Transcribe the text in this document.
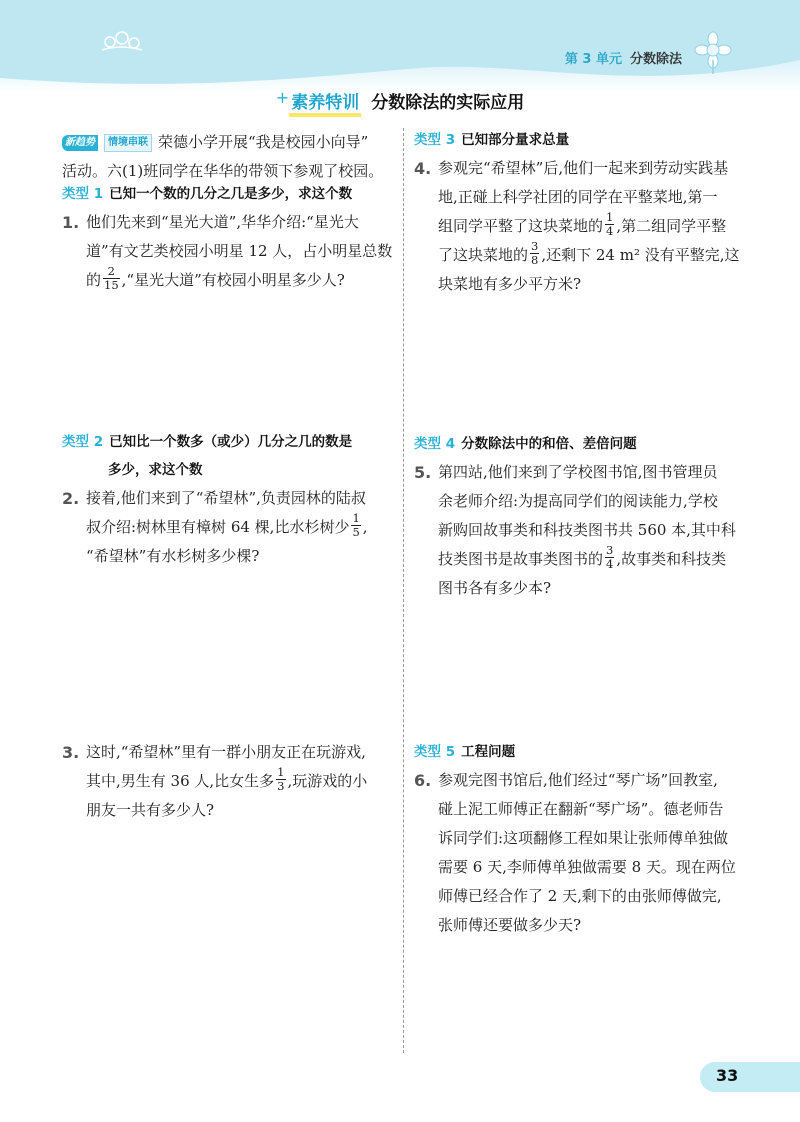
第 3 单元 分数除法
+ 素养特训 分数除法的实际应用
新趋势 情境串联 荣德小学开展“我是校园小向导”
活动。六(1)班同学在华华的带领下参观了校园。
类型 1 已知一个数的几分之几是多少，求这个数
1. 他们先来到“星光大道”,华华介绍:“星光大
道”有文艺类校园小明星 12 人，占小明星总数
的 $\frac{2}{15}$ ,“星光大道”有校园小明星多少人?
类型 2 已知比一个数多（或少）几分之几的数是
多少，求这个数
2. 接着,他们来到了“希望林”,负责园林的陆叔
叔介绍:树林里有樟树 64 棵,比水杉树少 $\frac{1}{5}$ ,
“希望林”有水杉树多少棵?
3. 这时,“希望林”里有一群小朋友正在玩游戏,
其中,男生有 36 人,比女生多 $\frac{1}{3}$ ,玩游戏的小
朋友一共有多少人?
类型 3 已知部分量求总量
4. 参观完“希望林”后,他们一起来到劳动实践基
地,正碰上科学社团的同学在平整菜地,第一
组同学平整了这块菜地的 $\frac{1}{4}$ ,第二组同学平整
了这块菜地的 $\frac{3}{8}$ ,还剩下 24 m² 没有平整完,这
块菜地有多少平方米?
类型 4 分数除法中的和倍、差倍问题
5. 第四站,他们来到了学校图书馆,图书管理员
余老师介绍:为提高同学们的阅读能力,学校
新购回故事类和科技类图书共 560 本,其中科
技类图书是故事类图书的 $\frac{3}{4}$ ,故事类和科技类
图书各有多少本?
类型 5 工程问题
6. 参观完图书馆后,他们经过“琴广场”回教室,
碰上泥工师傅正在翻新“琴广场”。德老师告
诉同学们:这项翻修工程如果让张师傅单独做
需要 6 天,李师傅单独做需要 8 天。现在两位
师傅已经合作了 2 天,剩下的由张师傅做完,
张师傅还要做多少天?
33
